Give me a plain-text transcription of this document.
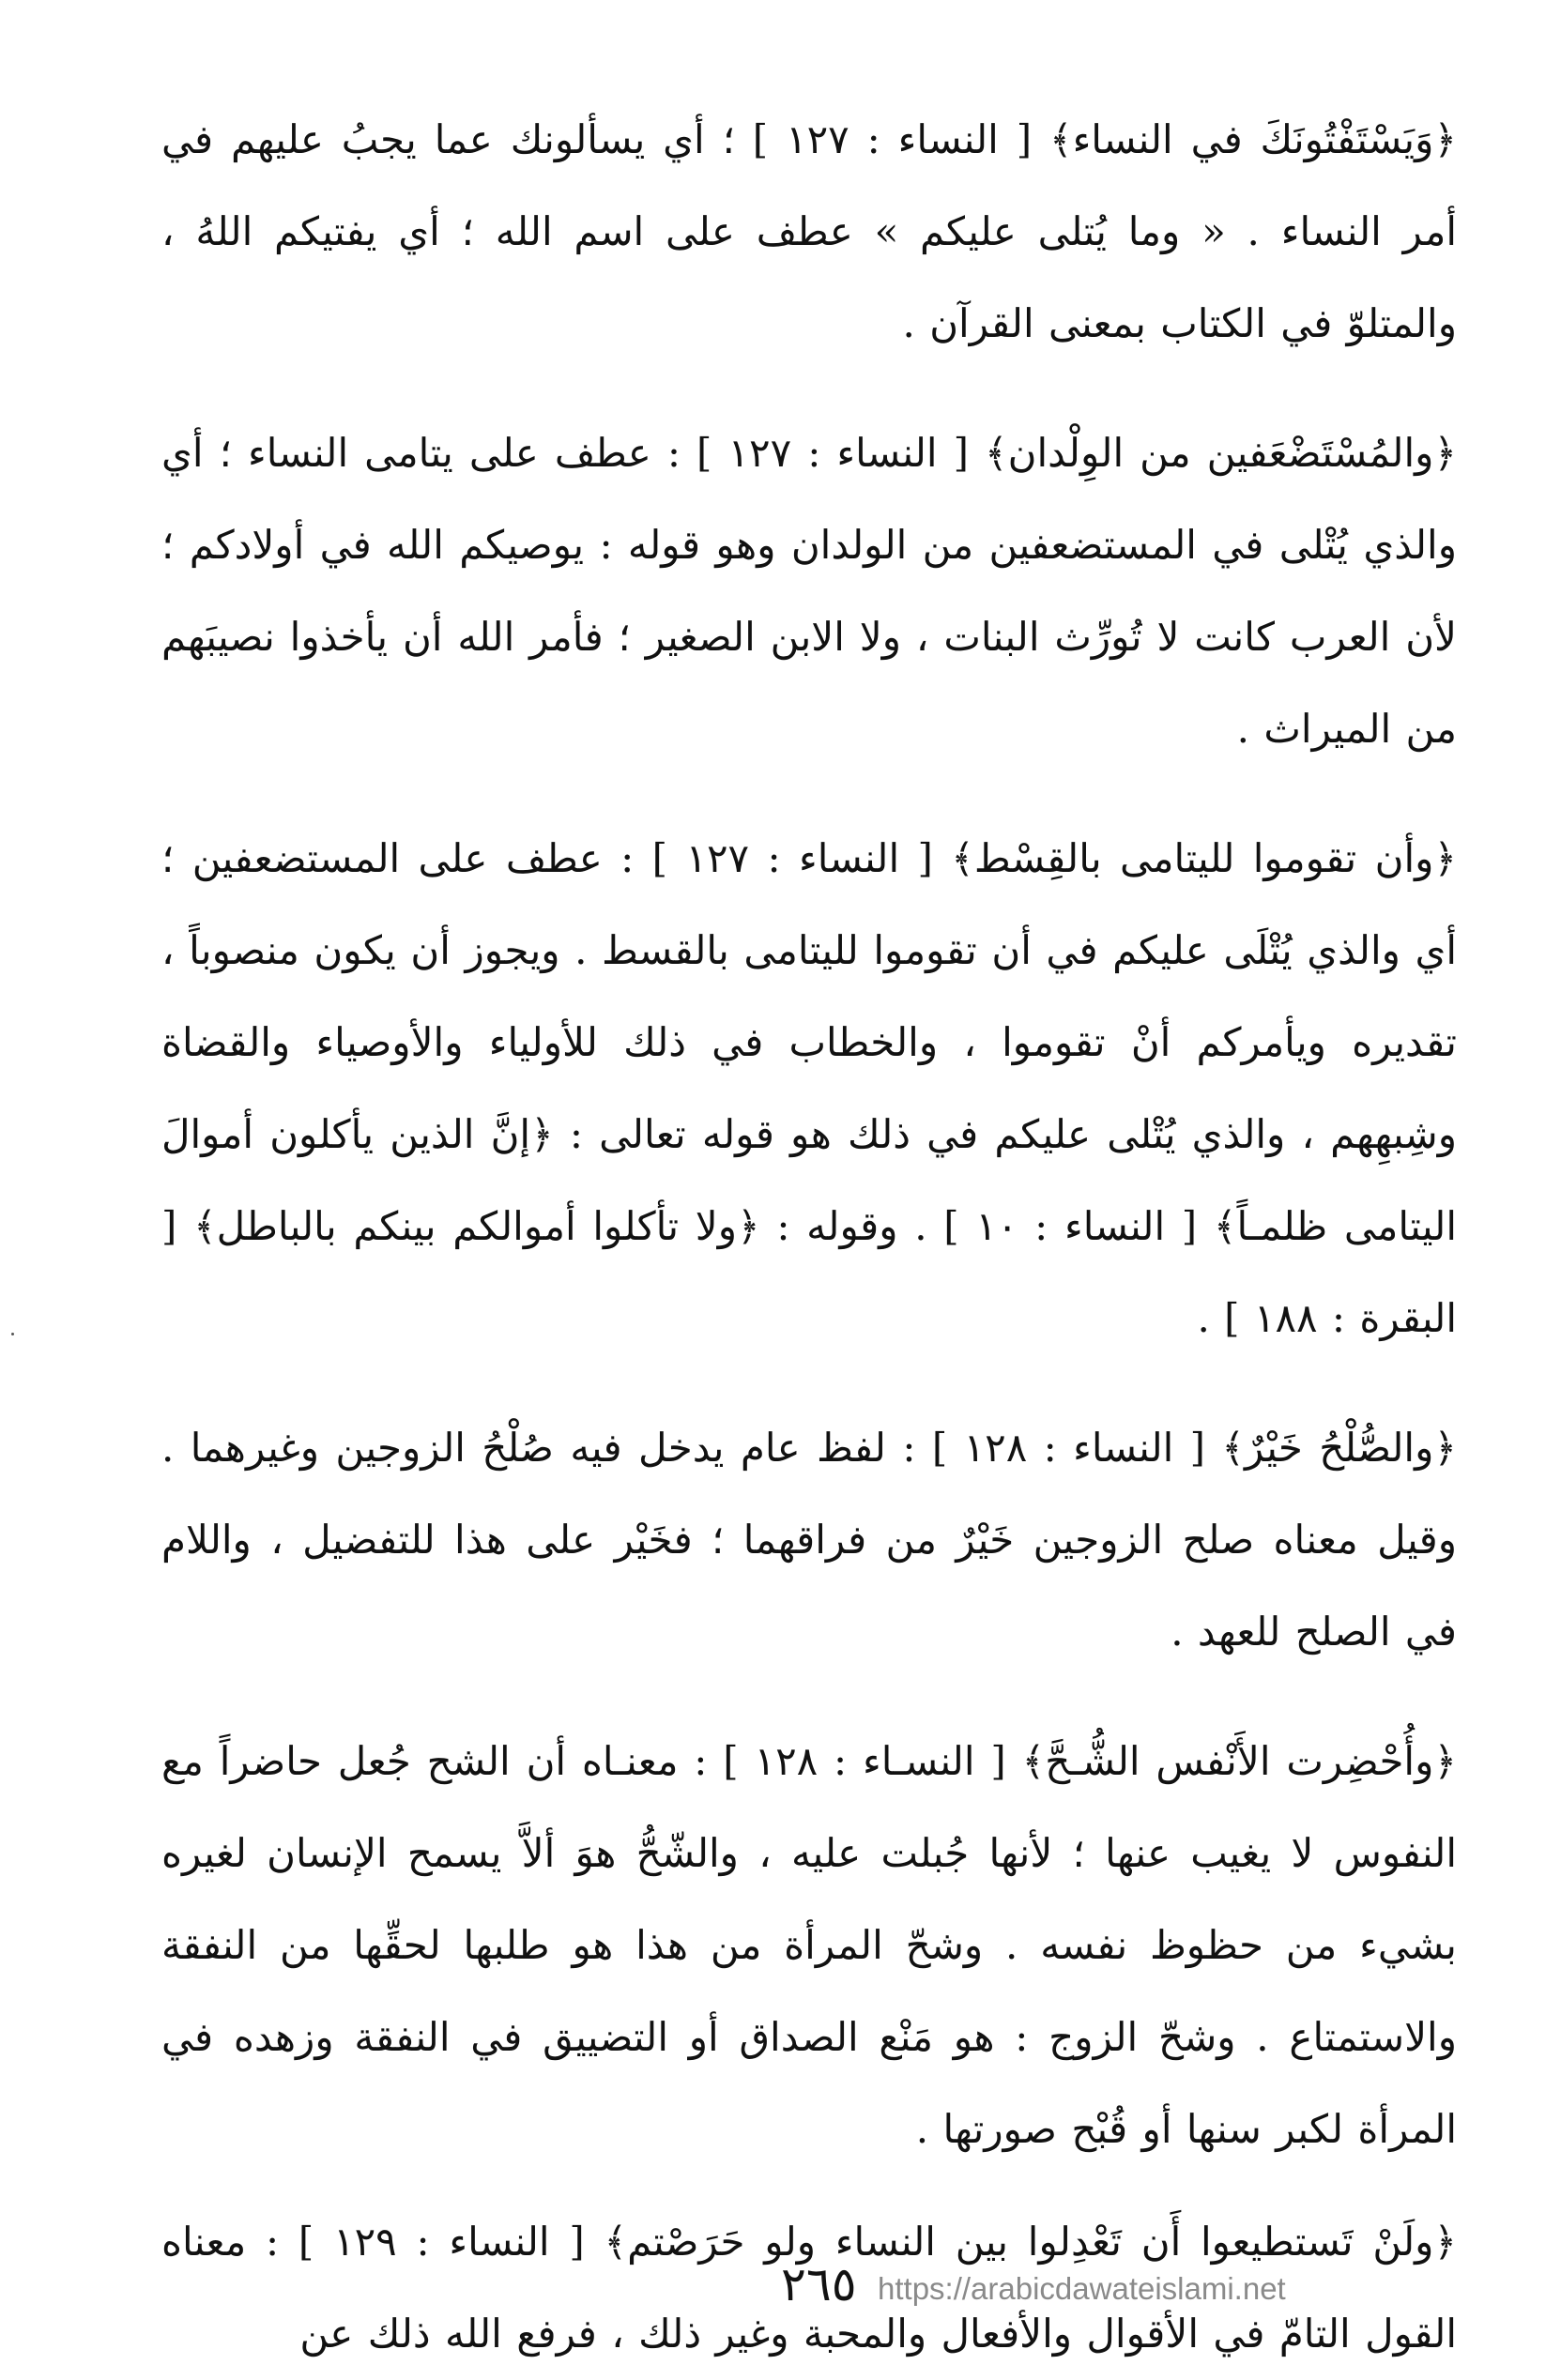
﴿وَيَسْتَفْتُونَكَ في النساء﴾ [ النساء : ١٢٧ ] ؛ أي يسألونك عما يجبُ عليهم في أمر النساء . « وما يُتلى عليكم » عطف على اسم الله ؛ أي يفتيكم اللهُ ، والمتلوّ في الكتاب بمعنى القرآن .

﴿والمُسْتَضْعَفين من الوِلْدان﴾ [ النساء : ١٢٧ ] : عطف على يتامى النساء ؛ أي والذي يُتْلى في المستضعفين من الولدان وهو قوله : يوصيكم الله في أولادكم ؛ لأن العرب كانت لا تُورِّث البنات ، ولا الابن الصغير ؛ فأمر الله أن يأخذوا نصيبَهم من الميراث .

﴿وأن تقوموا لليتامى بالقِسْط﴾ [ النساء : ١٢٧ ] : عطف على المستضعفين ؛ أي والذي يُتْلَى عليكم في أن تقوموا لليتامى بالقسط . ويجوز أن يكون منصوباً ، تقديره ويأمركم أنْ تقوموا ، والخطاب في ذلك للأولياء والأوصياء والقضاة وشِبهِهم ، والذي يُتْلى عليكم في ذلك هو قوله تعالى : ﴿إنَّ الذين يأكلون أموالَ اليتامى ظلمـاً﴾ [ النساء : ١٠ ] . وقوله : ﴿ولا تأكلوا أموالكم بينكم بالباطل﴾ [ البقرة : ١٨٨ ] .

﴿والصُّلْحُ خَيْرٌ﴾ [ النساء : ١٢٨ ] : لفظ عام يدخل فيه صُلْحُ الزوجين وغيرهما . وقيل معناه صلح الزوجين خَيْرٌ من فراقهما ؛ فخَيْر على هذا للتفضيل ، واللام في الصلح للعهد .

﴿وأُحْضِرت الأَنْفس الشُّـحَّ﴾ [ النسـاء : ١٢٨ ] : معنـاه أن الشح جُعل حاضراً مع النفوس لا يغيب عنها ؛ لأنها جُبلت عليه ، والشّحُّ هوَ ألاَّ يسمح الإنسان لغيره بشيء من حظوظ نفسه . وشحّ المرأة من هذا هو طلبها لحقِّها من النفقة والاستمتاع . وشحّ الزوج : هو مَنْع الصداق أو التضييق في النفقة وزهده في المرأة لكبر سنها أو قُبْح صورتها .

﴿ولَنْ تَستطيعوا أَن تَعْدِلوا بين النساء ولو حَرَصْتم﴾ [ النساء : ١٢٩ ] : معناه القول التامّ في الأقوال والأفعال والمحبة وغير ذلك ، فرفع الله ذلك عن

٢٦٥ https://arabicdawateislami.net
